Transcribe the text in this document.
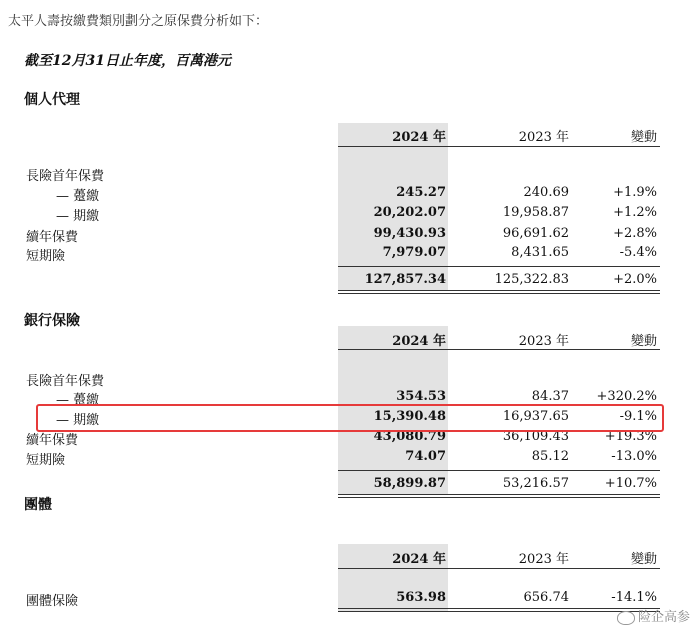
太平人壽按繳費類別劃分之原保費分析如下：
截至12月31日止年度，百萬港元
個人代理
2024 年	2023 年	變動
長險首年保費
— 躉繳	245.27	240.69	+1.9%
— 期繳	20,202.07	19,958.87	+1.2%
續年保費	99,430.93	96,691.62	+2.8%
短期險	7,979.07	8,431.65	-5.4%
127,857.34	125,322.83	+2.0%
銀行保險
2024 年	2023 年	變動
長險首年保費
— 躉繳	354.53	84.37 +320.2%
— 期繳	15,390.48	16,937.65	-9.1%
續年保費	43,080.79	36,109.43	+19.3%
短期險	74.07	85.12	-13.0%
58,899.87	53,216.57	+10.7%
團體
2024 年	2023 年	變動
團體保險	563.98	656.74	-14.1%
险企高参
